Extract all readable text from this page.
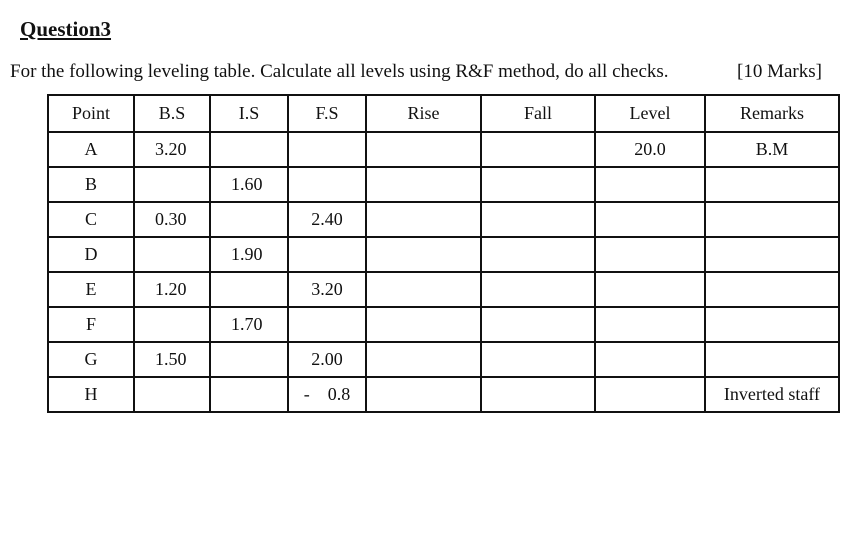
Question3
For the following leveling table. Calculate all levels using R&F method, do all checks.	[10 Marks]
Point	B.S	I.S	F.S	Rise	Fall	Level	Remarks
A	3.20					20.0	B.M
B		1.60					
C	0.30		2.40				
D		1.90					
E	1.20		3.20				
F		1.70					
G	1.50		2.00				
H			- 0.8				Inverted staff
